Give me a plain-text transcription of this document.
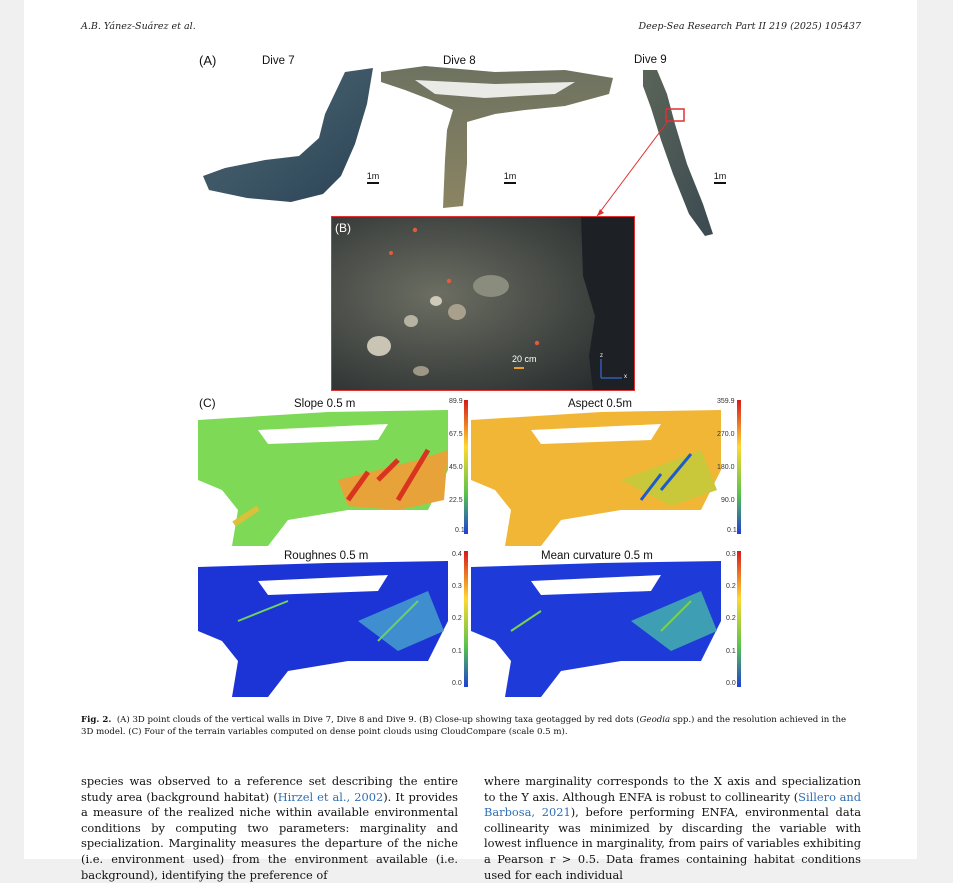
A.B. Yánez-Suárez et al.	Deep-Sea Research Part II 219 (2025) 105437
(A)	Dive 7	Dive 8	Dive 9
1m	1m	1m
(B)
20 cm	z
x
(C)	Slope 0.5 m	Aspect 0.5m
Roughnes 0.5 m	Mean curvature 0.5 m
89.9
67.5
45.0
22.5
0.1
359.9
270.0
180.0
90.0
0.1
0.4
0.3
0.2
0.1
0.0
0.3
0.2
0.2
0.1
0.0
Fig. 2. (A) 3D point clouds of the vertical walls in Dive 7, Dive 8 and Dive 9. (B) Close-up showing taxa geotagged by red dots (Geodia spp.) and the resolution achieved in the 3D model. (C) Four of the terrain variables computed on dense point clouds using CloudCompare (scale 0.5 m).
species was observed to a reference set describing the entire study area (background habitat) (Hirzel et al., 2002). It provides a measure of the realized niche within available environmental conditions by computing two parameters: marginality and specialization. Marginality measures the departure of the niche (i.e. environment used) from the environment available (i.e. background), identifying the preference of
where marginality corresponds to the X axis and specialization to the Y axis. Although ENFA is robust to collinearity (Sillero and Barbosa, 2021), before performing ENFA, environmental data collinearity was minimized by discarding the variable with lowest influence in marginality, from pairs of variables exhibiting a Pearson r > 0.5. Data frames containing habitat conditions used for each individual
